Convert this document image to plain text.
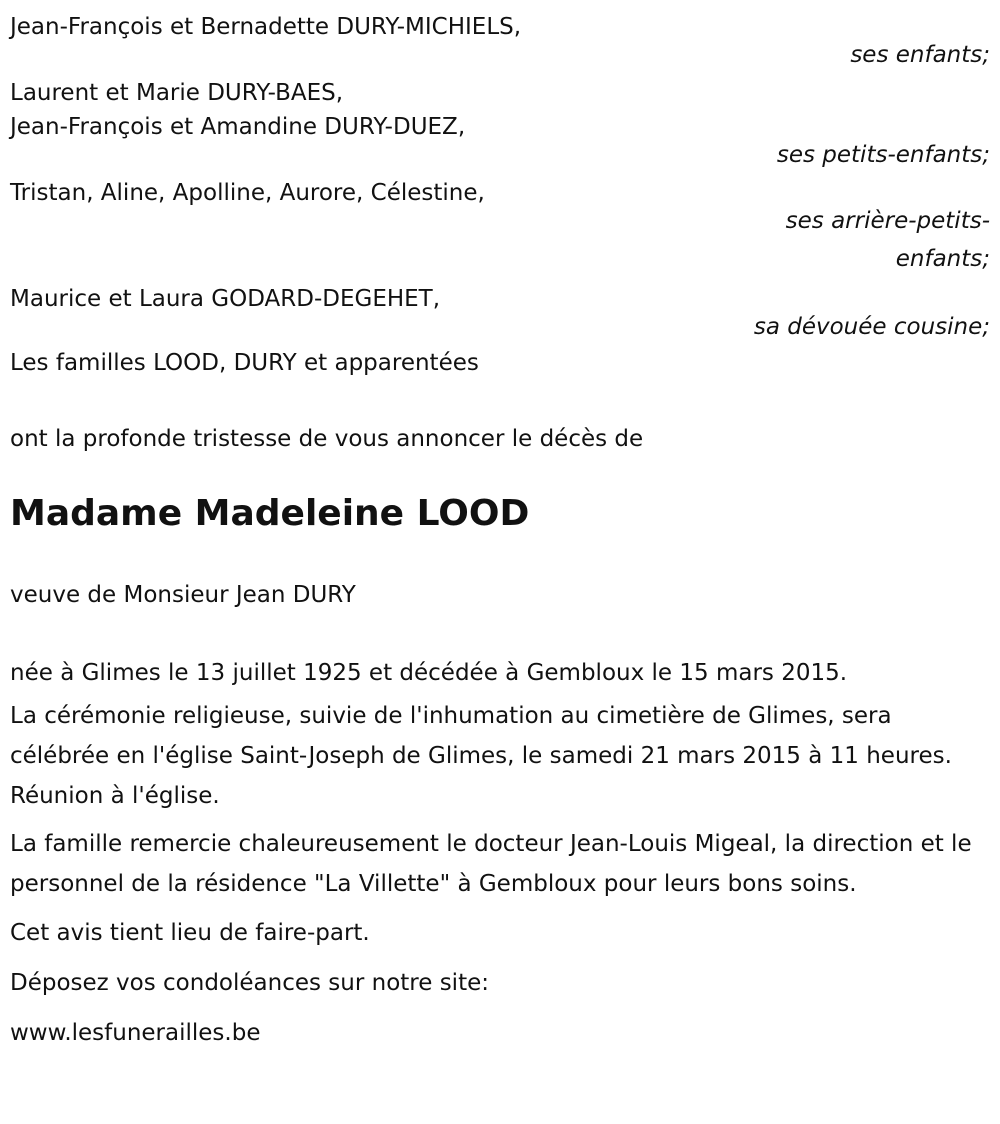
Jean-François et Bernadette DURY-MICHIELS,
ses enfants;
Laurent et Marie DURY-BAES,
Jean-François et Amandine DURY-DUEZ,
ses petits-enfants;
Tristan, Aline, Apolline, Aurore, Célestine,
ses arrière-petits-enfants;
Maurice et Laura GODARD-DEGEHET,
sa dévouée cousine;
Les familles LOOD, DURY et apparentées
ont la profonde tristesse de vous annoncer le décès de
Madame Madeleine LOOD
veuve de Monsieur Jean DURY
née à Glimes le 13 juillet 1925 et décédée à Gembloux le 15 mars 2015.
La cérémonie religieuse, suivie de l'inhumation au cimetière de Glimes, sera célébrée en l'église Saint-Joseph de Glimes, le samedi 21 mars 2015 à 11 heures. Réunion à l'église.
La famille remercie chaleureusement le docteur Jean-Louis Migeal, la direction et le personnel de la résidence "La Villette" à Gembloux pour leurs bons soins.
Cet avis tient lieu de faire-part.
Déposez vos condoléances sur notre site:
www.lesfunerailles.be
